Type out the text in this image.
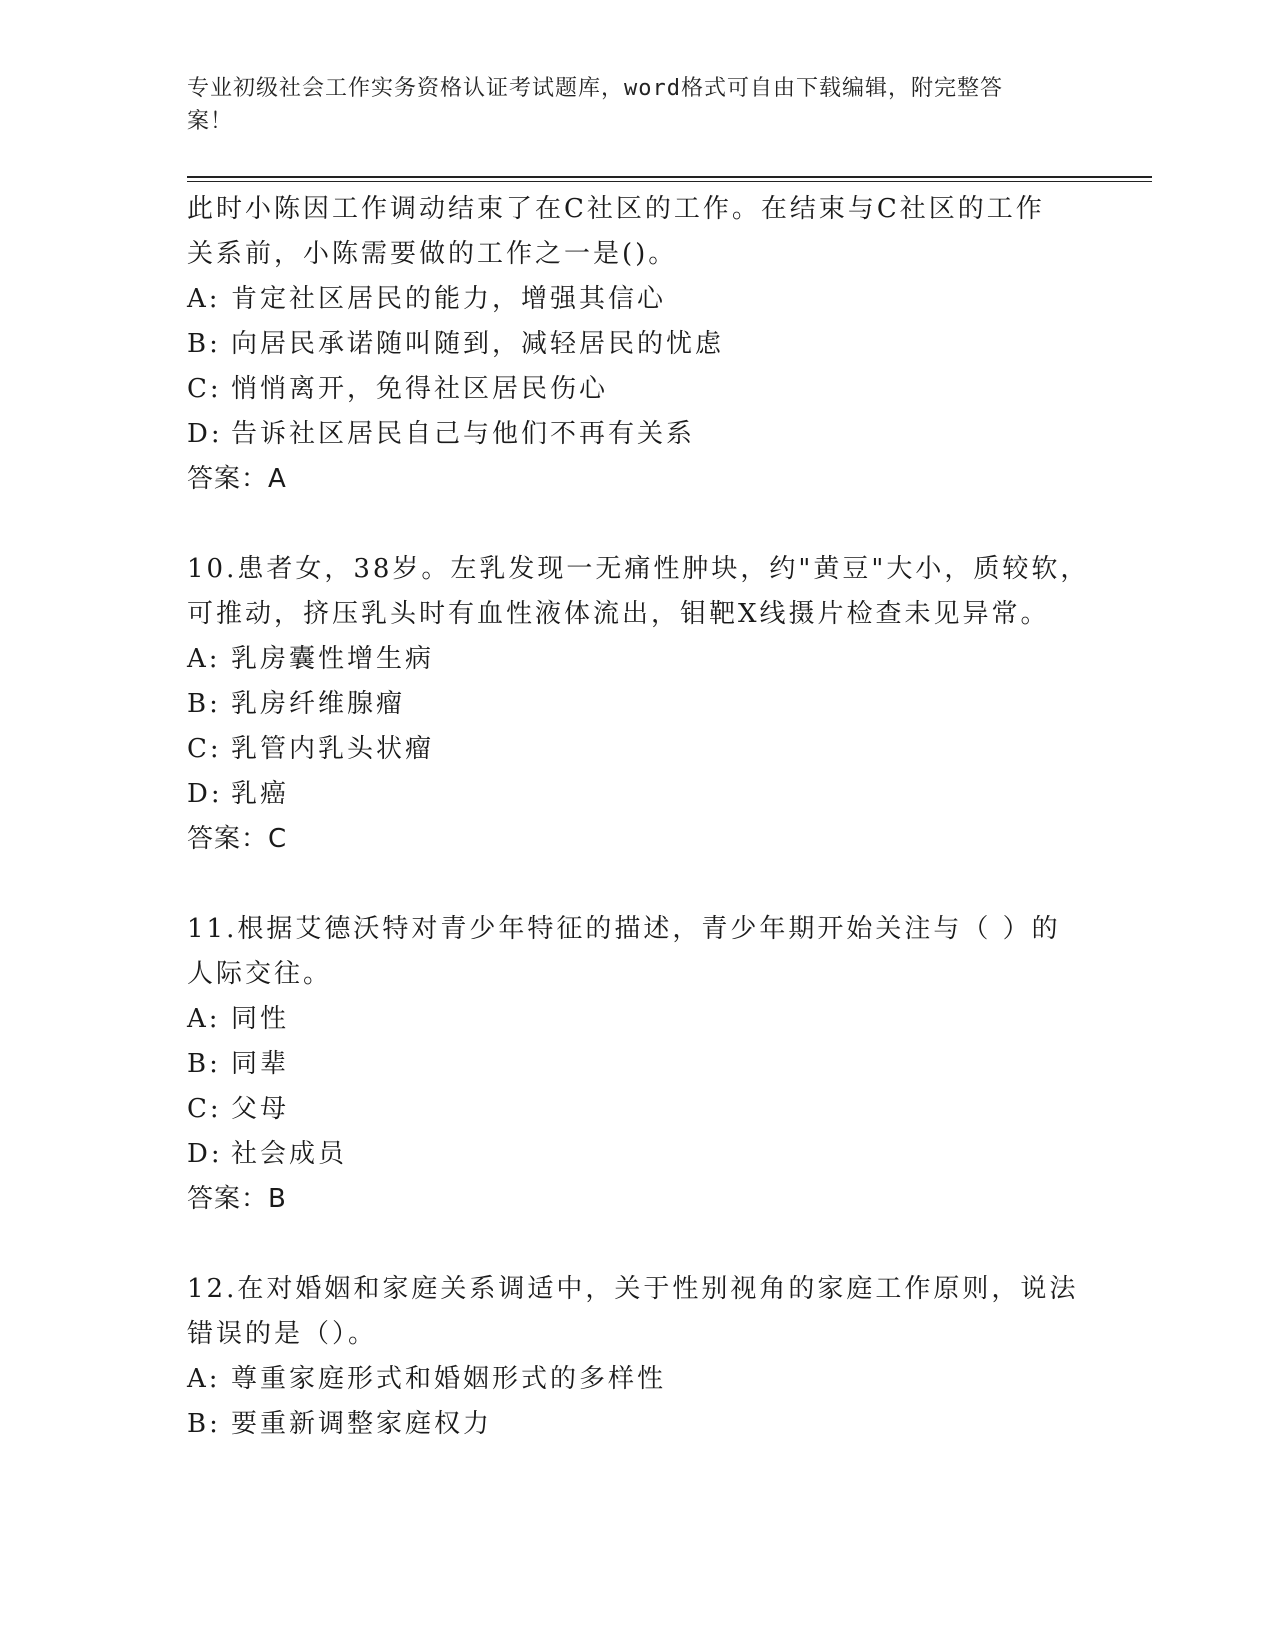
专业初级社会工作实务资格认证考试题库，word格式可自由下载编辑，附完整答
案！
此时小陈因工作调动结束了在C社区的工作。在结束与C社区的工作
关系前，小陈需要做的工作之一是()。
A: 肯定社区居民的能力，增强其信心
B: 向居民承诺随叫随到，减轻居民的忧虑
C: 悄悄离开，免得社区居民伤心
D: 告诉社区居民自己与他们不再有关系
答案：A
10.患者女，38岁。左乳发现一无痛性肿块，约"黄豆"大小，质较软，
可推动，挤压乳头时有血性液体流出，钼靶X线摄片检查未见异常。
A: 乳房囊性增生病
B: 乳房纤维腺瘤
C: 乳管内乳头状瘤
D: 乳癌
答案：C
11.根据艾德沃特对青少年特征的描述，青少年期开始关注与（ ）的
人际交往。
A: 同性
B: 同辈
C: 父母
D: 社会成员
答案：B
12.在对婚姻和家庭关系调适中，关于性别视角的家庭工作原则，说法
错误的是（）。
A: 尊重家庭形式和婚姻形式的多样性
B: 要重新调整家庭权力
